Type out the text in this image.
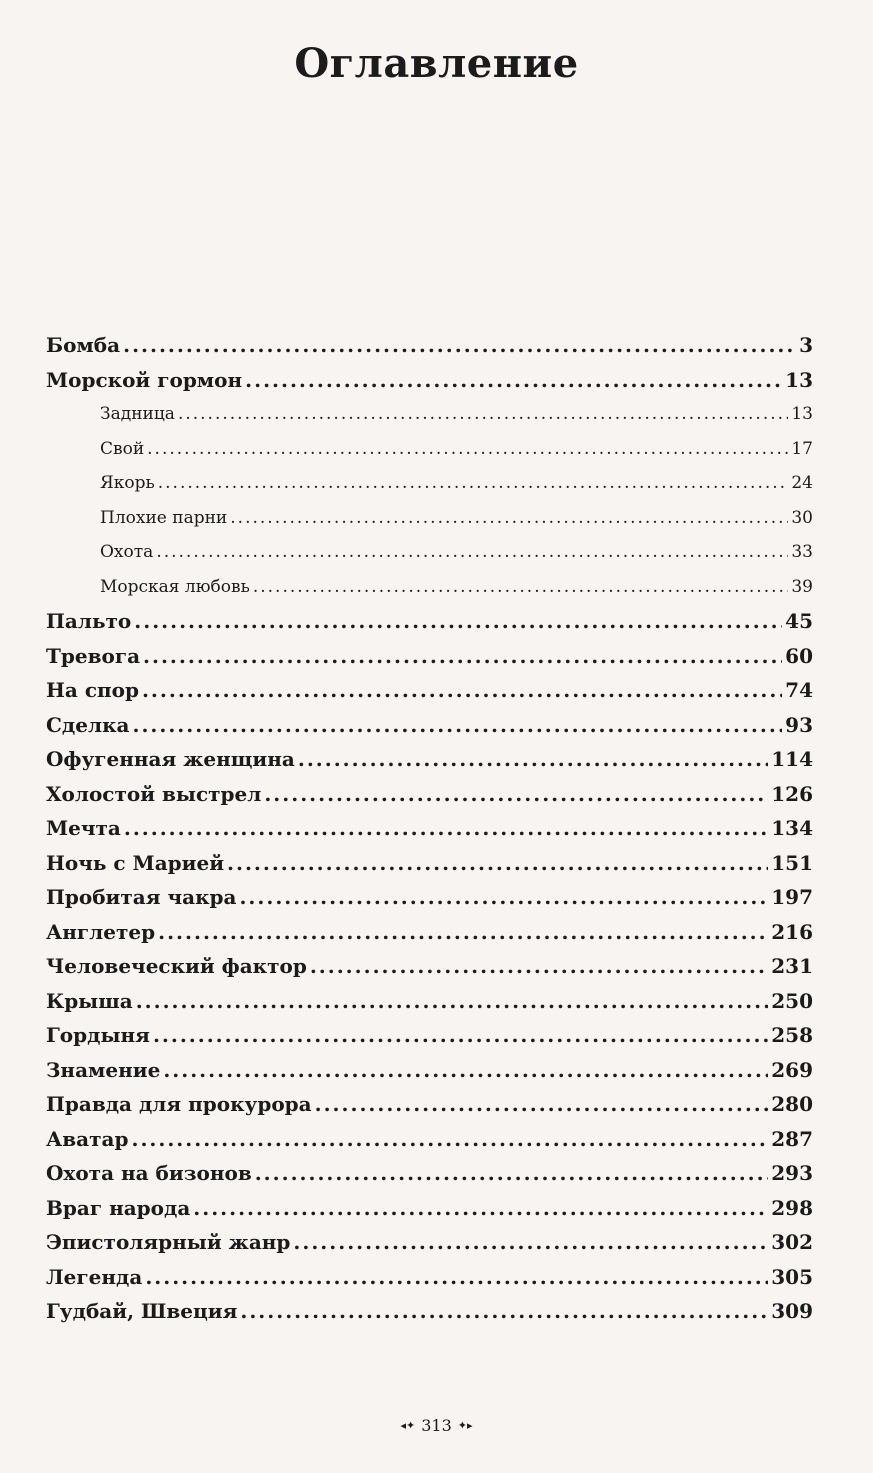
Оглавление
Бомба .....	3
Морской гормон .....	13
Задница .....	13
Свой .....	17
Якорь .....	24
Плохие парни .....	30
Охота .....	33
Морская любовь .....	39
Пальто .....	45
Тревога .....	60
На спор .....	74
Сделка .....	93
Офугенная женщина .....	114
Холостой выстрел .....	126
Мечта .....	134
Ночь с Марией .....	151
Пробитая чакра .....	197
Англетер .....	216
Человеческий фактор .....	231
Крыша .....	250
Гордыня .....	258
Знамение .....	269
Правда для прокурора .....	280
Аватар .....	287
Охота на бизонов .....	293
Враг народа .....	298
Эпистолярный жанр .....	302
Легенда .....	305
Гудбай, Швеция .....	309
◂✦ 313 ✦▸
